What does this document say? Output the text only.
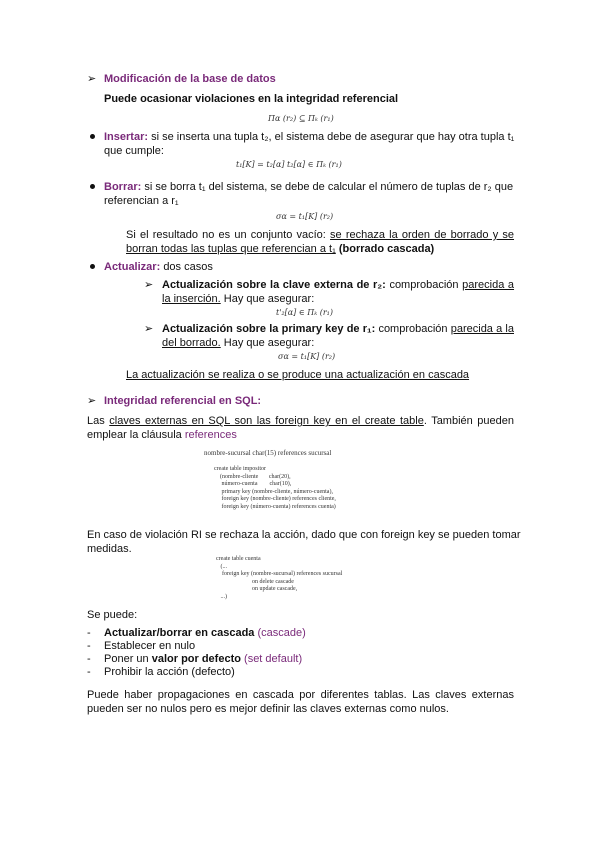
➢
Modificación de la base de datos
Puede ocasionar violaciones en la integridad referencial
Πα (r₂) ⊆ Πₖ (r₁)
Insertar: si se inserta una tupla t₂, el sistema debe de asegurar que hay otra tupla t₁
que cumple:
t₁[K] = t₂[α] t₂[α] ∈ Πₖ (r₁)
Borrar: si se borra t₁ del sistema, se debe de calcular el número de tuplas de r₂ que
referencian a r₁
σα = t₁[K] (r₂)
Si el resultado no es un conjunto vacío: se rechaza la orden de borrado y se
borran todas las tuplas que referencian a t₁ (borrado cascada)
Actualizar: dos casos
➢
Actualización sobre la clave externa de r₂: comprobación parecida a
la inserción. Hay que asegurar:
t'₂[α] ∈ Πₖ (r₁)
➢
Actualización sobre la primary key de r₁: comprobación parecida a la
del borrado. Hay que asegurar:
σα = t₁[K] (r₂)
La actualización se realiza o se produce una actualización en cascada
➢
Integridad referencial en SQL:
Las claves externas en SQL son las foreign key en el create table. También pueden
emplear la cláusula references
nombre-sucursal char(15) references sucursal
create table impositor
(nombre-cliente       char(20),
número-cuenta        char(10),
primary key (nombre-cliente, número-cuenta),
foreign key (nombre-cliente) references cliente,
foreign key (número-cuenta) references cuenta)
En caso de violación RI se rechaza la acción, dado que con foreign key se pueden tomar
medidas.
create table cuenta
(...
foreign key (nombre-sucursal) references sucursal
on delete cascade
on update cascade,
...)
Se puede:
- Actualizar/borrar en cascada (cascade)
- Establecer en nulo
- Poner un valor por defecto (set default)
- Prohibir la acción (defecto)
Puede haber propagaciones en cascada por diferentes tablas. Las claves externas
pueden ser no nulos pero es mejor definir las claves externas como nulos.
